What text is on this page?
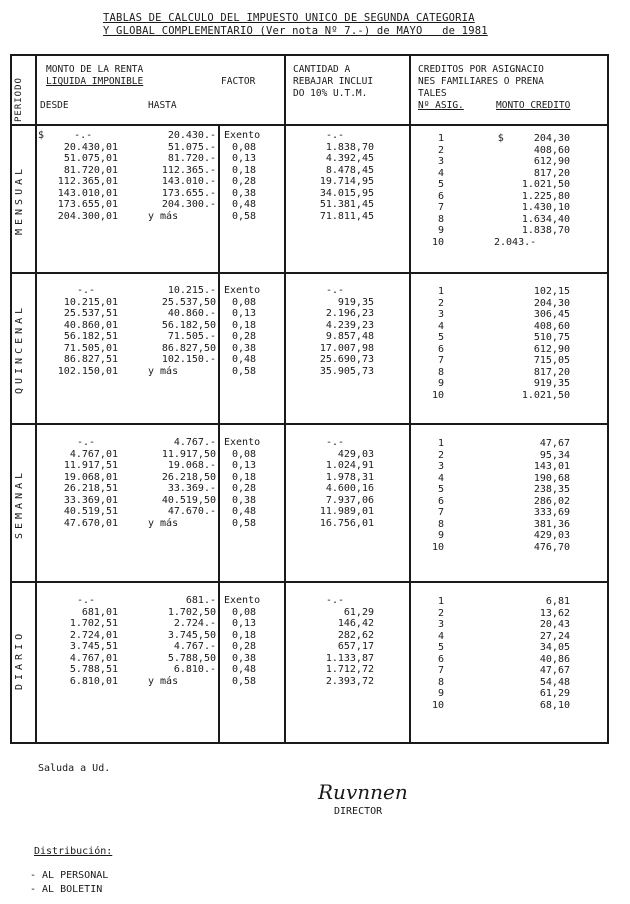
TABLAS DE CALCULO DEL IMPUESTO UNICO DE SEGUNDA CATEGORIA
Y GLOBAL COMPLEMENTARIO (Ver nota Nº 7.-) de MAYO   de 1981
PERIODO
MONTO DE LA RENTA
LIQUIDA IMPONIBLE
DESDE	HASTA
FACTOR
CANTIDAD A
REBAJAR INCLUI
DO 10% U.T.M.
CREDITOS POR ASIGNACIO
NES FAMILIARES O PRENA
TALES
Nº ASIG.	MONTO CREDITO
MENSUAL
$     -.-
20.430,01
51.075,01
81.720,01
112.365,01
143.010,01
173.655,01
204.300,01
20.430.-
51.075.-
81.720.-
112.365.-
143.010.-
173.655.-
204.300.-
y más
Exento
0,08
0,13
0,18
0,28
0,38
0,48
0,58
-.-
1.838,70
4.392,45
8.478,45
19.714,95
34.015,95
51.381,45
71.811,45
1
2
3
4
5
6
7
8
9
10
$     204,30
408,60
612,90
817,20
1.021,50
1.225,80
1.430,10
1.634,40
1.838,70
2.043.-
QUINCENAL
-.-
10.215,01
25.537,51
40.860,01
56.182,51
71.505,01
86.827,51
102.150,01
10.215.-
25.537,50
40.860.-
56.182,50
71.505.-
86.827,50
102.150.-
y más
Exento
0,08
0,13
0,18
0,28
0,38
0,48
0,58
-.-
919,35
2.196,23
4.239,23
9.857,48
17.007,98
25.690,73
35.905,73
1
2
3
4
5
6
7
8
9
10
102,15
204,30
306,45
408,60
510,75
612,90
715,05
817,20
919,35
1.021,50
SEMANAL
-.-
4.767,01
11.917,51
19.068,01
26.218,51
33.369,01
40.519,51
47.670,01
4.767.-
11.917,50
19.068.-
26.218,50
33.369.-
40.519,50
47.670.-
y más
Exento
0,08
0,13
0,18
0,28
0,38
0,48
0,58
-.-
429,03
1.024,91
1.978,31
4.600,16
7.937,06
11.989,01
16.756,01
1
2
3
4
5
6
7
8
9
10
47,67
95,34
143,01
190,68
238,35
286,02
333,69
381,36
429,03
476,70
DIARIO
-.-
681,01
1.702,51
2.724,01
3.745,51
4.767,01
5.788,51
6.810,01
681.-
1.702,50
2.724.-
3.745,50
4.767.-
5.788,50
6.810.-
y más
Exento
0,08
0,13
0,18
0,28
0,38
0,48
0,58
-.-
61,29
146,42
282,62
657,17
1.133,87
1.712,72
2.393,72
1
2
3
4
5
6
7
8
9
10
6,81
13,62
20,43
27,24
34,05
40,86
47,67
54,48
61,29
68,10
Saluda a Ud.
Ruvnnen
DIRECTOR
Distribución:
- AL PERSONAL
- AL BOLETIN
